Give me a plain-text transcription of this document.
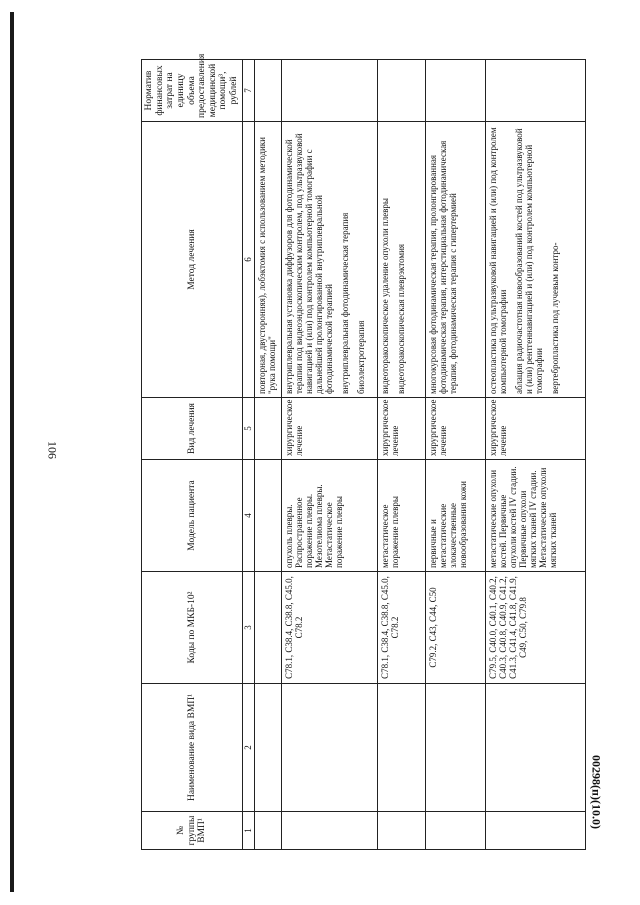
106
№ группы ВМП¹	Наименование вида ВМП¹	Коды по МКБ-10²	Модель пациента	Вид лечения	Метод лечения	Норматив финансовых затрат на единицу объема предоставления медицинской помощи³, рублей
1	2	3	4	5	6	7

					повторная, двусторонняя), лобэктомия с использованием методики "рука помощи"	

		C78.1, C38.4, C38.8, C45.0, C78.2	опухоль плевры. Распространенное поражение плевры. Мезотелиома плевры. Метастатическое поражение плевры	хирургическое лечение	внутриплевральная установка диффузоров для фотодинамической терапии под видеоэндоскопическим контролем, под ультразвуковой навигацией и (или) под контролем компьютерной томографии с дальнейшей пролонгированной внутриплевральной фотодинамической терапией внутриплевральная фотодинамическая терапия биоэлектротерапия	

		C78.1, C38.4, C38.8, C45.0, C78.2	метастатическое поражение плевры	хирургическое лечение	видеоторакоскопическое удаление опухоли плевры видеоторакоскопическая плеврэктомия	

		C79.2, C43, C44, C50	первичные и метастатические злокачественные новообразования кожи	хирургическое лечение	многокурсовая фотодинамическая терапия, пролонгированная фотодинамическая терапия, интерстициальная фотодинамическая терапия, фотодинамическая терапия с гипертермией	

		C79.5, C40.0, C40.1, C40.2, C40.3, C40.8, C40.9, C41.2, C41.3, C41.4, C41.8, C41.9, C49, C50, C79.8	метастатические опухоли костей. Первичные опухоли костей IV стадии. Первичные опухоли мягких тканей IV стадии. Метастатические опухоли мягких тканей	хирургическое лечение	остеопластика под ультразвуковой навигацией и (или) под контролем компьютерной томографии аблация радиочастотная новообразований костей под ультразвуковой и (или) рентгеннавигацией и (или) под контролем компьютерной томографии вертебропластика под лучевым контро-	

00298(п)(10.0)
